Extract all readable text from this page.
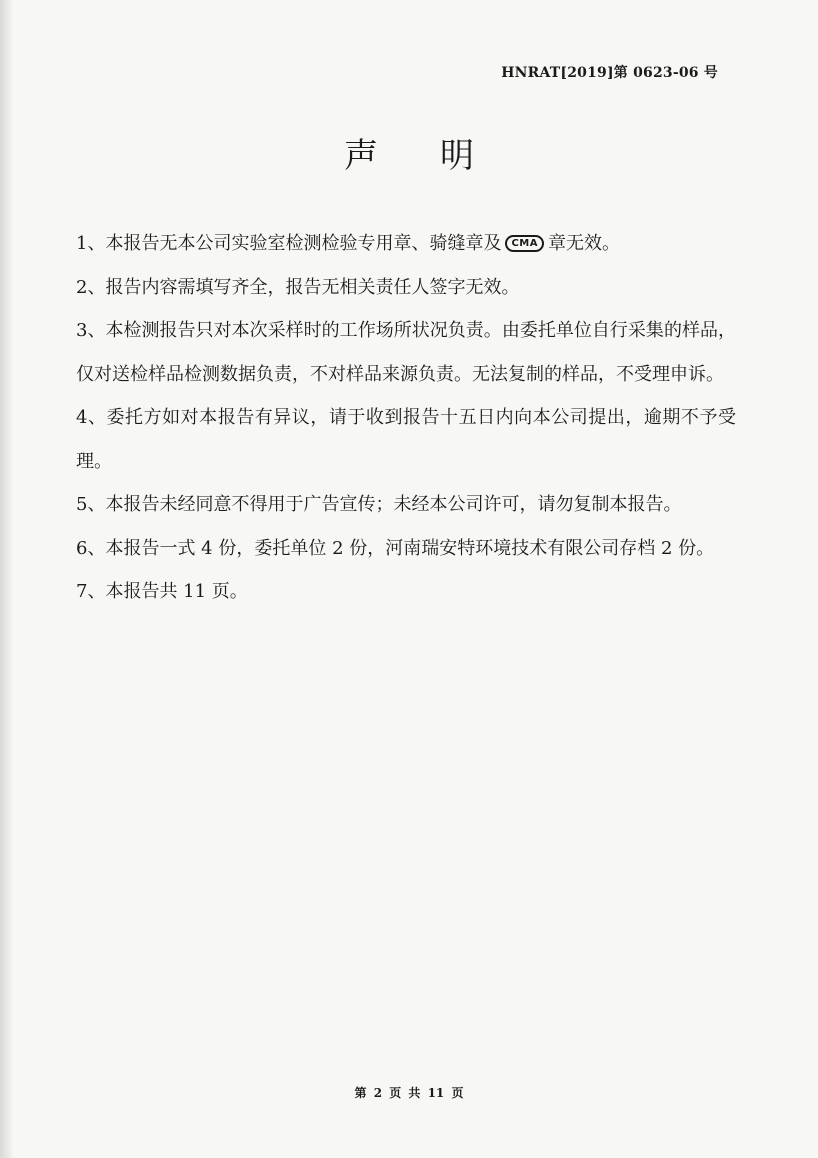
HNRAT[2019]第 0623-06 号
声明

1、本报告无本公司实验室检测检验专用章、骑缝章及 CMA 章无效。

2、报告内容需填写齐全，报告无相关责任人签字无效。

3、本检测报告只对本次采样时的工作场所状况负责。由委托单位自行采集的样品，仅对送检样品检测数据负责，不对样品来源负责。无法复制的样品，不受理申诉。

4、委托方如对本报告有异议，请于收到报告十五日内向本公司提出，逾期不予受理。

5、本报告未经同意不得用于广告宣传；未经本公司许可，请勿复制本报告。

6、本报告一式 4 份，委托单位 2 份，河南瑞安特环境技术有限公司存档 2 份。

7、本报告共 11 页。

第 2 页 共 11 页
